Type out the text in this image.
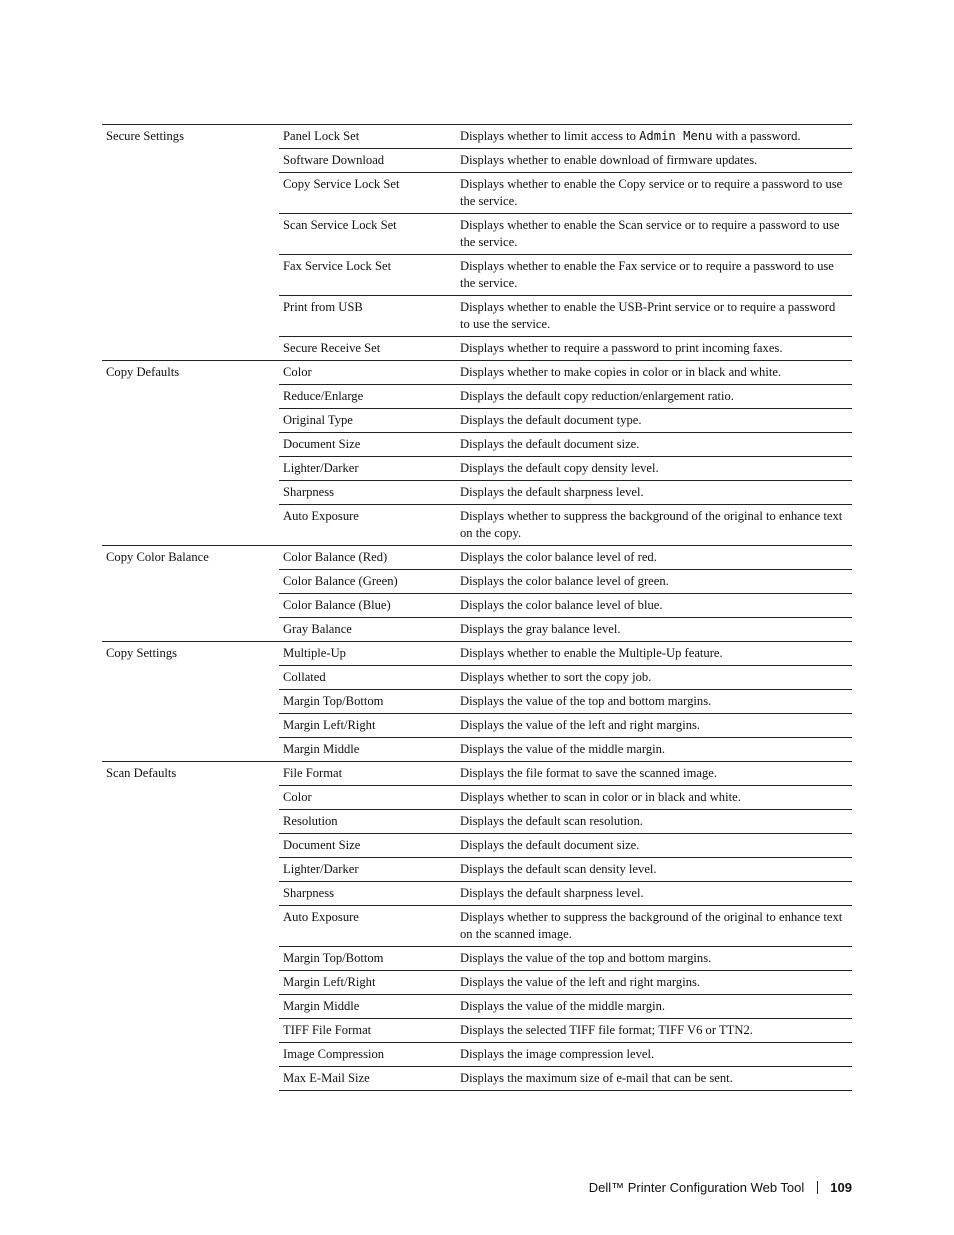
Secure Settings	Panel Lock Set	Displays whether to limit access to Admin Menu with a password.
	Software Download	Displays whether to enable download of firmware updates.
	Copy Service Lock Set	Displays whether to enable the Copy service or to require a password to use the service.
	Scan Service Lock Set	Displays whether to enable the Scan service or to require a password to use the service.
	Fax Service Lock Set	Displays whether to enable the Fax service or to require a password to use the service.
	Print from USB	Displays whether to enable the USB-Print service or to require a password to use the service.
	Secure Receive Set	Displays whether to require a password to print incoming faxes.
Copy Defaults	Color	Displays whether to make copies in color or in black and white.
	Reduce/Enlarge	Displays the default copy reduction/enlargement ratio.
	Original Type	Displays the default document type.
	Document Size	Displays the default document size.
	Lighter/Darker	Displays the default copy density level.
	Sharpness	Displays the default sharpness level.
	Auto Exposure	Displays whether to suppress the background of the original to enhance text on the copy.
Copy Color Balance	Color Balance (Red)	Displays the color balance level of red.
	Color Balance (Green)	Displays the color balance level of green.
	Color Balance (Blue)	Displays the color balance level of blue.
	Gray Balance	Displays the gray balance level.
Copy Settings	Multiple-Up	Displays whether to enable the Multiple-Up feature.
	Collated	Displays whether to sort the copy job.
	Margin Top/Bottom	Displays the value of the top and bottom margins.
	Margin Left/Right	Displays the value of the left and right margins.
	Margin Middle	Displays the value of the middle margin.
Scan Defaults	File Format	Displays the file format to save the scanned image.
	Color	Displays whether to scan in color or in black and white.
	Resolution	Displays the default scan resolution.
	Document Size	Displays the default document size.
	Lighter/Darker	Displays the default scan density level.
	Sharpness	Displays the default sharpness level.
	Auto Exposure	Displays whether to suppress the background of the original to enhance text on the scanned image.
	Margin Top/Bottom	Displays the value of the top and bottom margins.
	Margin Left/Right	Displays the value of the left and right margins.
	Margin Middle	Displays the value of the middle margin.
	TIFF File Format	Displays the selected TIFF file format; TIFF V6 or TTN2.
	Image Compression	Displays the image compression level.
	Max E-Mail Size	Displays the maximum size of e-mail that can be sent.
Dell™ Printer Configuration Web Tool 109
